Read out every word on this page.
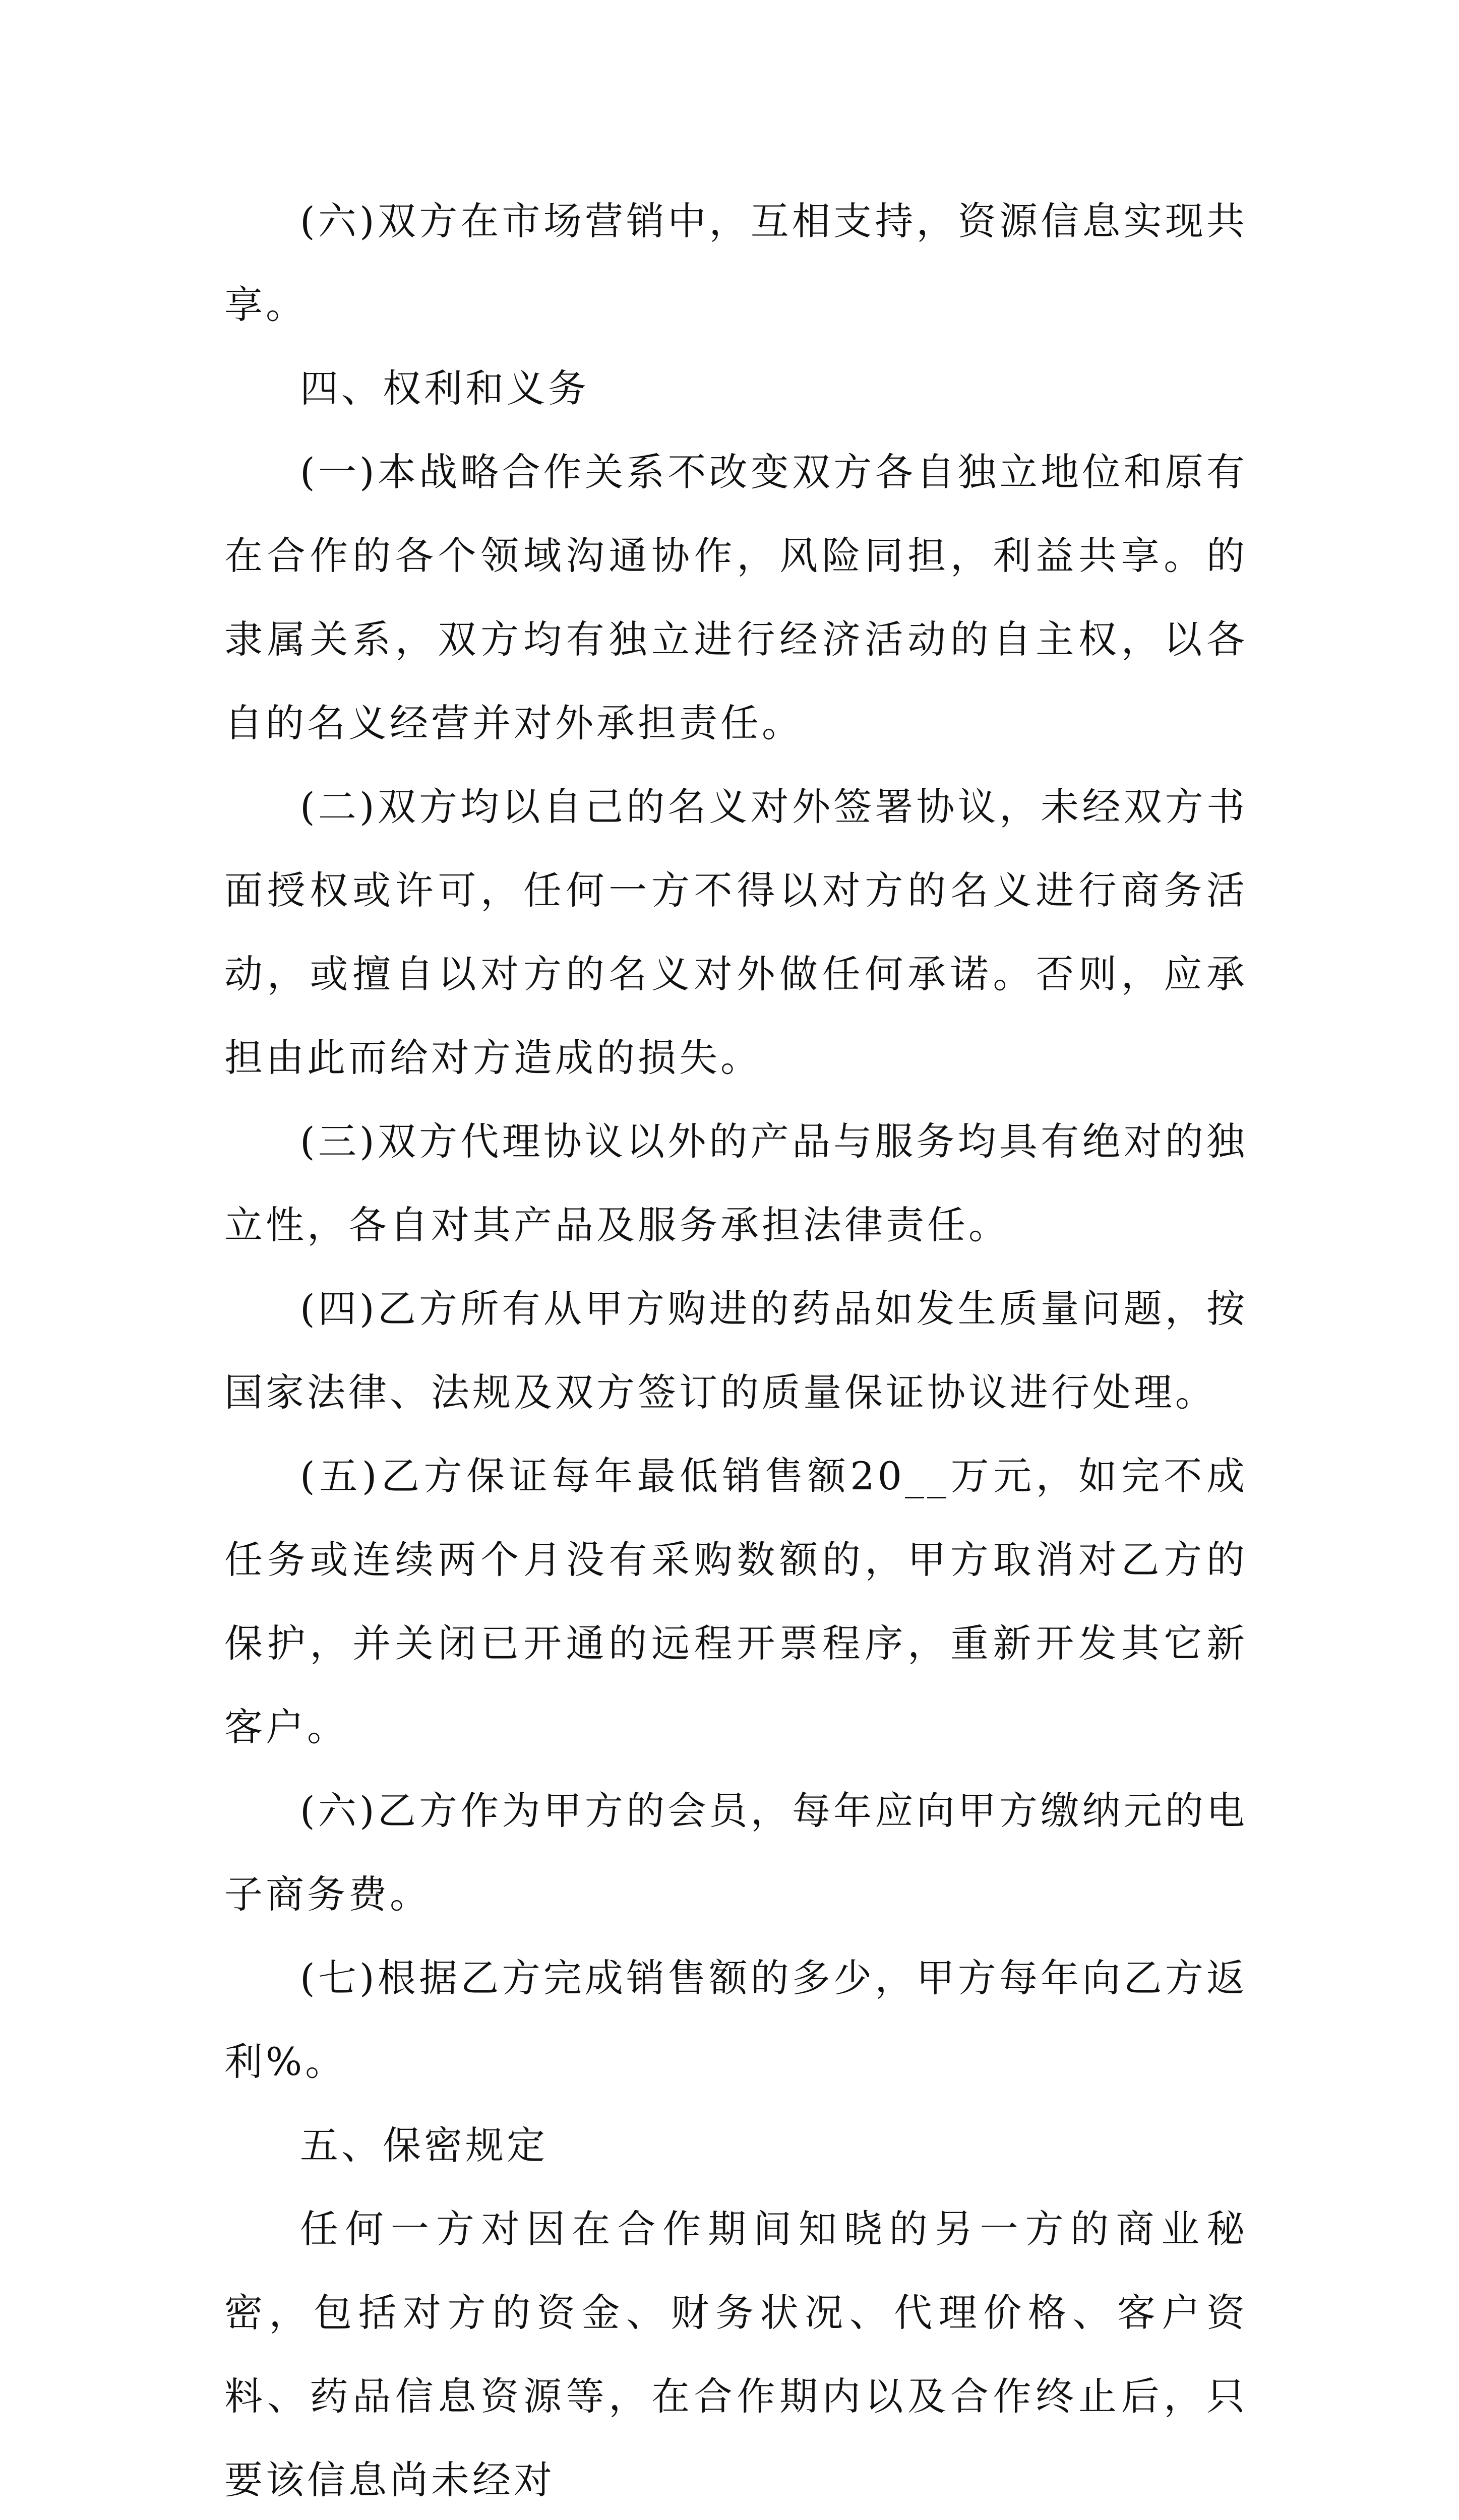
(六)双方在市场营销中，互相支持，资源信息实现共享。

四、权利和义务

(一)本战略合作关系不改变双方各自独立地位和原有在合作的各个领域沟通协作，风险同担，利益共享。的隶属关系，双方均有独立进行经济活动的自主权，以各自的名义经营并对外承担责任。

(二)双方均以自己的名义对外签署协议，未经双方书面授权或许可，任何一方不得以对方的名义进行商务活动，或擅自以对方的名义对外做任何承诺。否则，应承担由此而给对方造成的损失。

(三)双方代理协议以外的产品与服务均具有绝对的独立性，各自对其产品及服务承担法律责任。

(四)乙方所有从甲方购进的药品如发生质量问题，按国家法律、法规及双方签订的质量保证协议进行处理。

(五)乙方保证每年最低销售额20__万元，如完不成任务或连续两个月没有采购数额的，甲方取消对乙方的保护，并关闭已开通的远程开票程序，重新开发其它新客户。

(六)乙方作为甲方的会员，每年应向甲方缴纳元的电子商务费。

(七)根据乙方完成销售额的多少，甲方每年向乙方返利%。

五、保密规定

任何一方对因在合作期间知晓的另一方的商业秘密，包括对方的资金、财务状况、代理价格、客户资料、药品信息资源等，在合作期内以及合作终止后，只要该信息尚未经对
